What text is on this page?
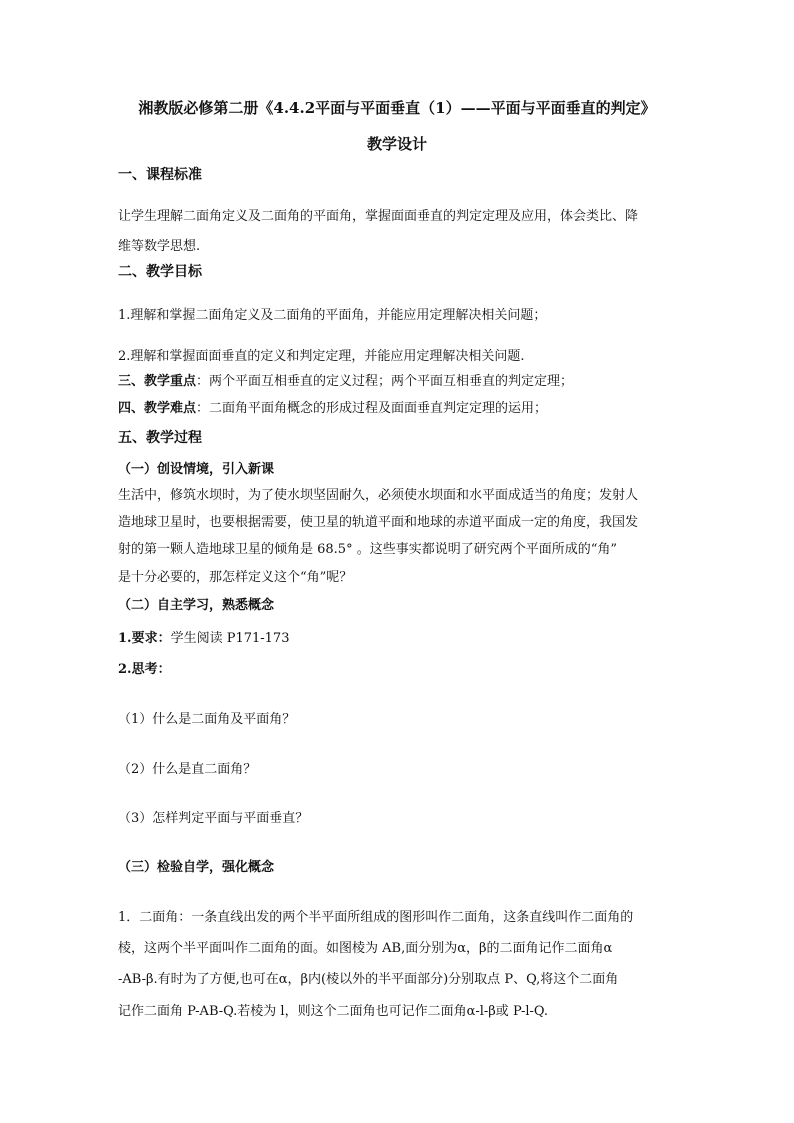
湘教版必修第二册《4.4.2平面与平面垂直（1）——平面与平面垂直的判定》
教学设计
一、课程标准
让学生理解二面角定义及二面角的平面角，掌握面面垂直的判定定理及应用，体会类比、降
维等数学思想.
二、教学目标
1.理解和掌握二面角定义及二面角的平面角，并能应用定理解决相关问题；
2.理解和掌握面面垂直的定义和判定定理，并能应用定理解决相关问题.
三、教学重点：两个平面互相垂直的定义过程；两个平面互相垂直的判定定理；
四、教学难点：二面角平面角概念的形成过程及面面垂直判定定理的运用；
五、教学过程
（一）创设情境，引入新课
生活中，修筑水坝时，为了使水坝坚固耐久，必须使水坝面和水平面成适当的角度；发射人
造地球卫星时，也要根据需要，使卫星的轨道平面和地球的赤道平面成一定的角度，我国发
射的第一颗人造地球卫星的倾角是 68.5° 。这些事实都说明了研究两个平面所成的“角”
是十分必要的，那怎样定义这个“角”呢？
（二）自主学习，熟悉概念
1.要求：学生阅读 P171-173
2.思考：
（1）什么是二面角及平面角？
（2）什么是直二面角？
（3）怎样判定平面与平面垂直？
（三）检验自学，强化概念
1．二面角：一条直线出发的两个半平面所组成的图形叫作二面角，这条直线叫作二面角的
棱，这两个半平面叫作二面角的面。如图棱为 AB,面分别为α，β的二面角记作二面角α
-AB-β.有时为了方便,也可在α，β内(棱以外的半平面部分)分别取点 P、Q,将这个二面角
记作二面角 P-AB-Q.若棱为 l，则这个二面角也可记作二面角α-l-β或 P-l-Q.
